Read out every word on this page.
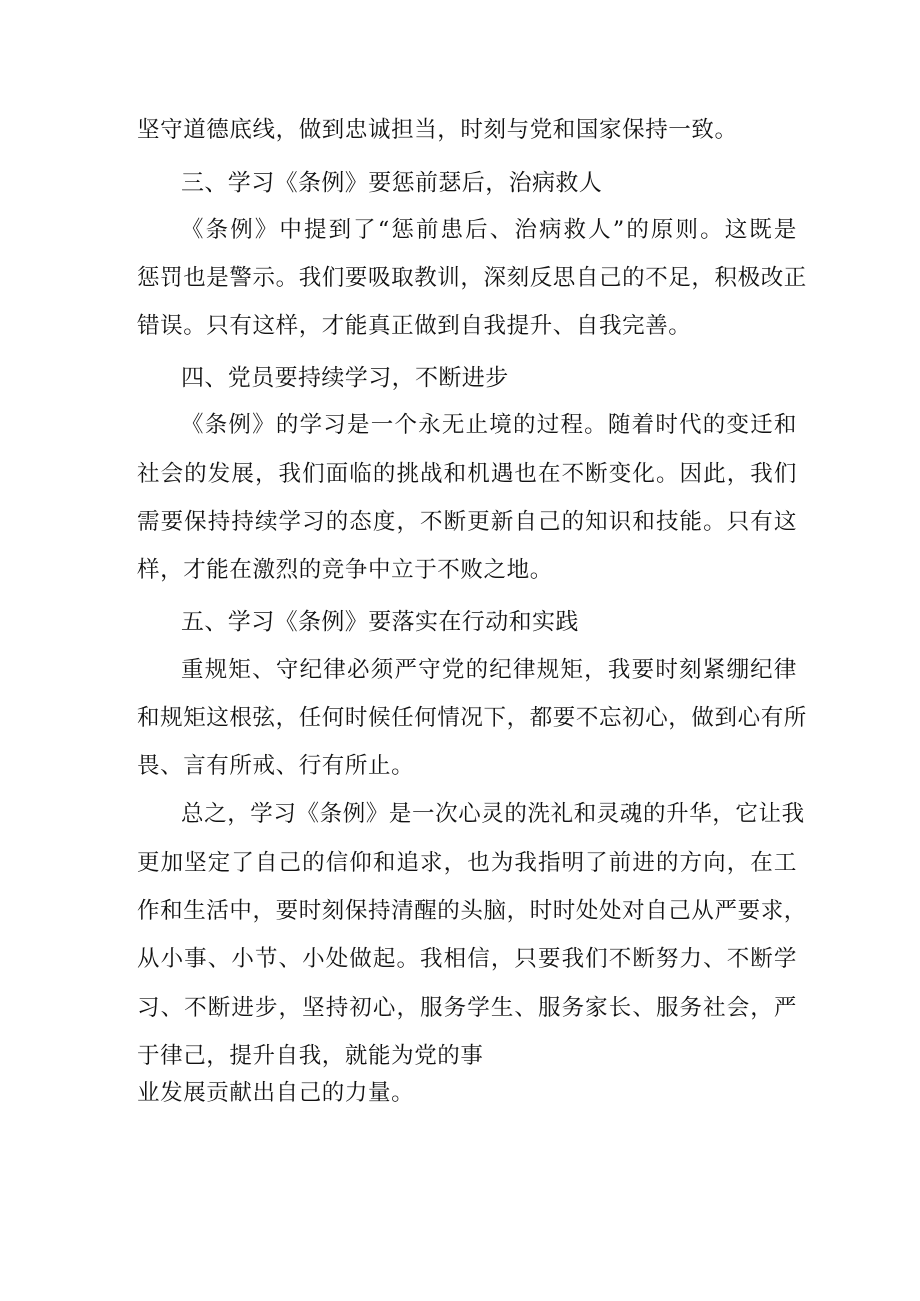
坚守道德底线，做到忠诚担当，时刻与党和国家保持一致。
三、学习《条例》要惩前瑟后，治病救人
《条例》中提到了“惩前患后、治病救人”的原则。这既是
惩罚也是警示。我们要吸取教训，深刻反思自己的不足，积极改正
错误。只有这样，才能真正做到自我提升、自我完善。
四、党员要持续学习，不断进步
《条例》的学习是一个永无止境的过程。随着时代的变迁和
社会的发展，我们面临的挑战和机遇也在不断变化。因此，我们
需要保持持续学习的态度，不断更新自己的知识和技能。只有这
样，才能在激烈的竞争中立于不败之地。
五、学习《条例》要落实在行动和实践
重规矩、守纪律必须严守党的纪律规矩，我要时刻紧绷纪律
和规矩这根弦，任何时候任何情况下，都要不忘初心，做到心有所
畏、言有所戒、行有所止。
总之，学习《条例》是一次心灵的洗礼和灵魂的升华，它让我
更加坚定了自己的信仰和追求，也为我指明了前进的方向，在工
作和生活中，要时刻保持清醒的头脑，时时处处对自己从严要求，
从小事、小节、小处做起。我相信，只要我们不断努力、不断学
习、不断进步，坚持初心，服务学生、服务家长、服务社会，严
于律己，提升自我，就能为党的事
业发展贡献出自己的力量。
